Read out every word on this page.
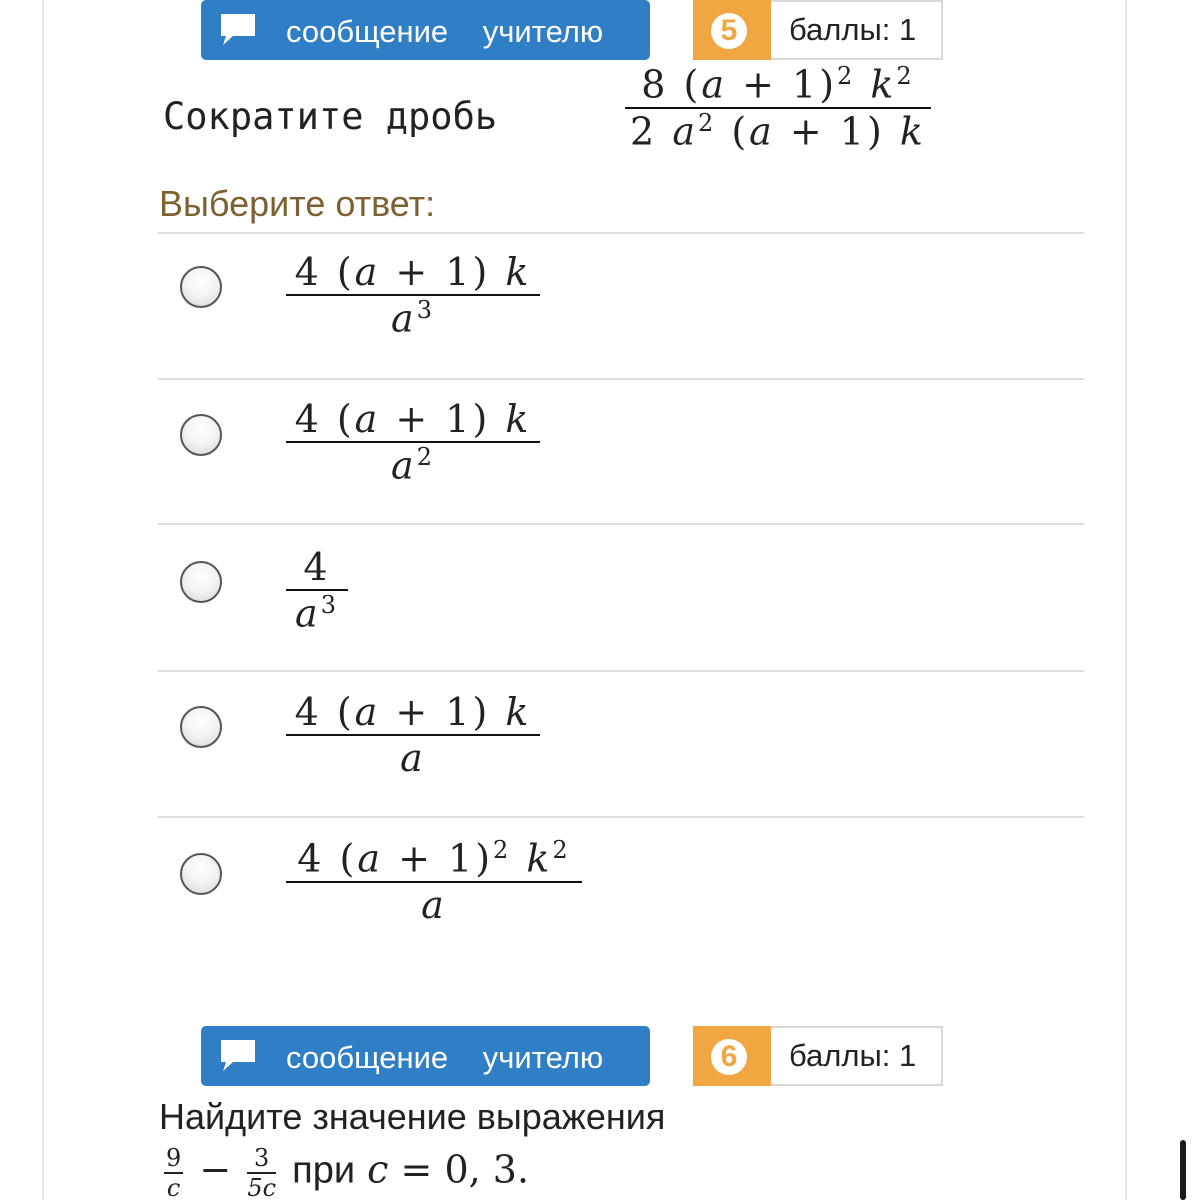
сообщение учителю	5	баллы: 1
Сократите дробь
8 $(a + 1)^2$ $k^2$
2 $a^2$ (a + 1) k
Выберите ответ:
4 (a + 1) k
$a^3$
4 (a + 1) k
$a^2$
4
$a^3$
4 (a + 1) k
a
4 $(a + 1)^2$ $k^2$
a
сообщение учителю	6	баллы: 1
Найдите значение выражения
$\frac{9}{c} - \frac{3}{5c}$ при c = 0, 3.
